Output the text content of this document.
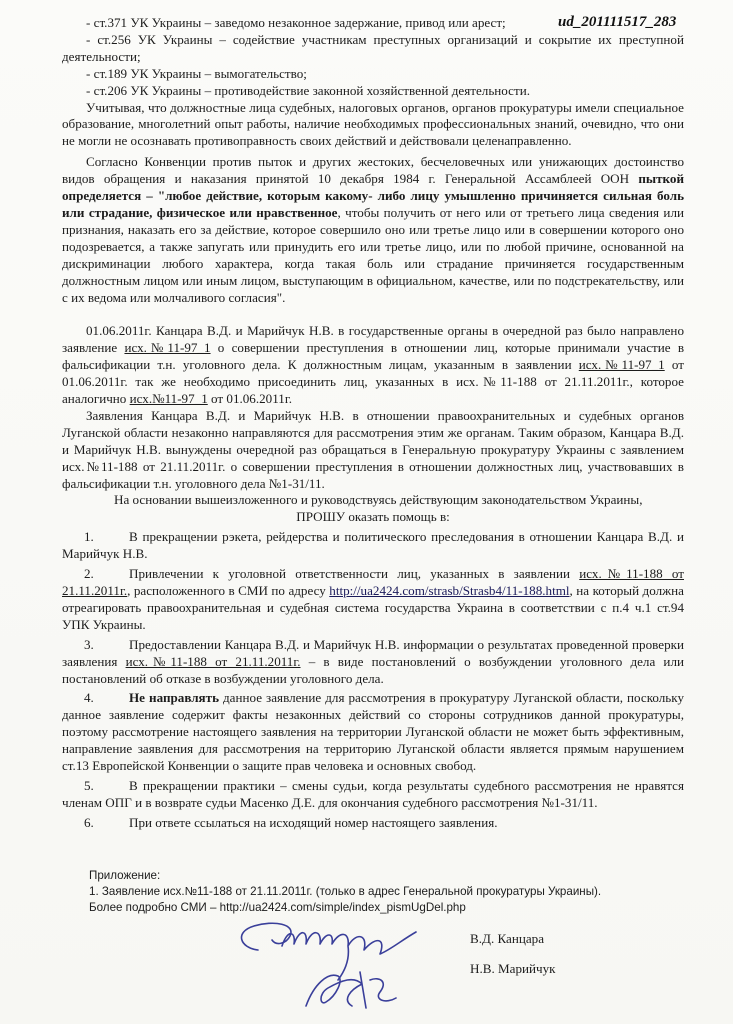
ud_201111517_283

- ст.371 УК Украины – заведомо незаконное задержание, привод или арест;

- ст.256 УК Украины – содействие участникам преступных организаций и сокрытие их преступной деятельности;

- ст.189 УК Украины – вымогательство;

- ст.206 УК Украины – противодействие законной хозяйственной деятельности.

Учитывая, что должностные лица судебных, налоговых органов, органов прокуратуры имели специальное образование, многолетний опыт работы, наличие необходимых профессиональных знаний, очевидно, что они не могли не осознавать противоправность своих действий и действовали целенаправленно.

Согласно Конвенции против пыток и других жестоких, бесчеловечных или унижающих достоинство видов обращения и наказания принятой 10 декабря 1984 г. Генеральной Ассамблеей ООН пыткой определяется – "любое действие, которым какому- либо лицу умышленно причиняется сильная боль или страдание, физическое или нравственное, чтобы получить от него или от третьего лица сведения или признания, наказать его за действие, которое совершило оно или третье лицо или в совершении которого оно подозревается, а также запугать или принудить его или третье лицо, или по любой причине, основанной на дискриминации любого характера, когда такая боль или страдание причиняется государственным должностным лицом или иным лицом, выступающим в официальном, качестве, или по подстрекательству, или с их ведома или молчаливого согласия".

01.06.2011г. Канцара В.Д. и Марийчук Н.В. в государственные органы в очередной раз было направлено заявление исх.№11-97_1 о совершении преступления в отношении лиц, которые принимали участие в фальсификации т.н. уголовного дела. К должностным лицам, указанным в заявлении исх.№11-97_1 от 01.06.2011г. так же необходимо присоединить лиц, указанных в исх.№11-188 от 21.11.2011г., которое аналогично исх.№11-97_1 от 01.06.2011г.

Заявления Канцара В.Д. и Марийчук Н.В. в отношении правоохранительных и судебных органов Луганской области незаконно направляются для рассмотрения этим же органам. Таким образом, Канцара В.Д. и Марийчук Н.В. вынуждены очередной раз обращаться в Генеральную прокуратуру Украины с заявлением исх.№11-188 от 21.11.2011г. о совершении преступления в отношении должностных лиц, участвовавших в фальсификации т.н. уголовного дела №1-31/11.

На основании вышеизложенного и руководствуясь действующим законодательством Украины,

ПРОШУ оказать помощь в:

1.	В прекращении рэкета, рейдерства и политического преследования в отношении Канцара В.Д. и Марийчук Н.В.

2.	Привлечении к уголовной ответственности лиц, указанных в заявлении исх.№11-188 от 21.11.2011г., расположенного в СМИ по адресу http://ua2424.com/strasb/Strasb4/11-188.html, на который должна отреагировать правоохранительная и судебная система государства Украина в соответствии с п.4 ч.1 ст.94 УПК Украины.

3.	Предоставлении Канцара В.Д. и Марийчук Н.В. информации о результатах проведенной проверки заявления исх.№11-188 от 21.11.2011г. – в виде постановлений о возбуждении уголовного дела или постановлений об отказе в возбуждении уголовного дела.

4.	Не направлять данное заявление для рассмотрения в прокуратуру Луганской области, поскольку данное заявление содержит факты незаконных действий со стороны сотрудников данной прокуратуры, поэтому рассмотрение настоящего заявления на территории Луганской области не может быть эффективным, направление заявления для рассмотрения на территорию Луганской области является прямым нарушением ст.13 Европейской Конвенции о защите прав человека и основных свобод.

5.	В прекращении практики – смены судьи, когда результаты судебного рассмотрения не нравятся членам ОПГ и в возврате судьи Масенко Д.Е. для окончания судебного рассмотрения №1-31/11.

6.	При ответе ссылаться на исходящий номер настоящего заявления.

Приложение:

1. Заявление исх.№11-188 от 21.11.2011г. (только в адрес Генеральной прокуратуры Украины).

Более подробно СМИ – http://ua2424.com/simple/index_pismUgDel.php

В.Д. Канцара
Н.В. Марийчук
